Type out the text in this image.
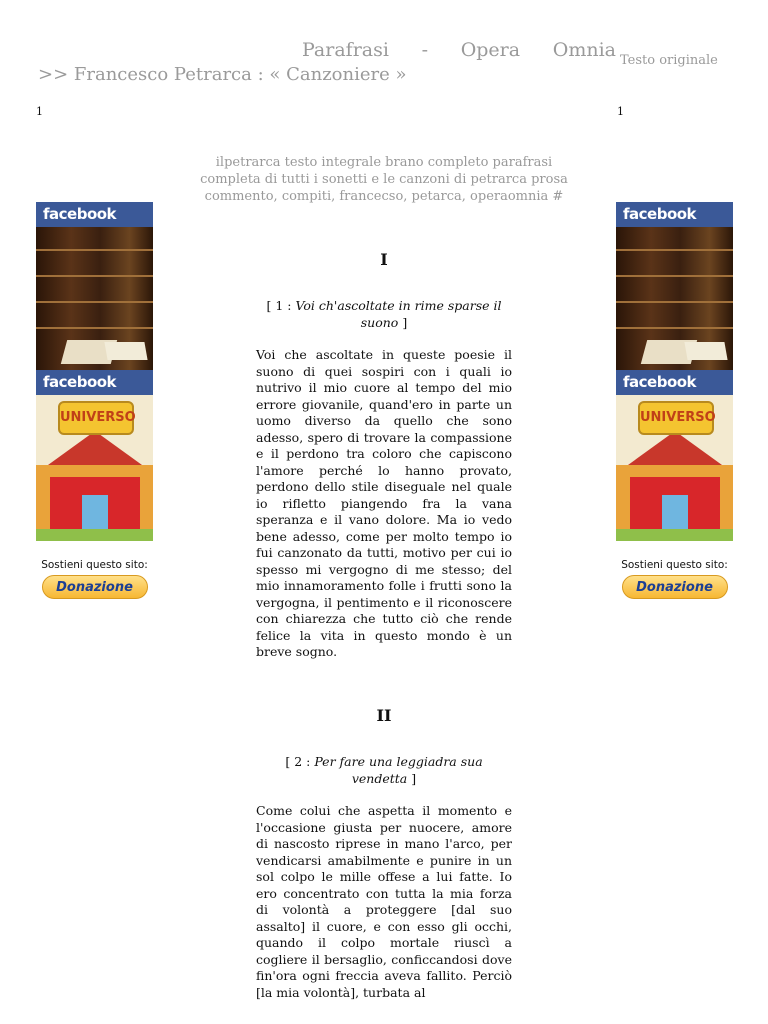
Parafrasi - Opera Omnia Testo originale
>> Francesco Petrarca : « Canzoniere »
1	1
ilpetrarca testo integrale brano completo parafrasi completa di tutti i sonetti e le canzoni di petrarca prosa commento, compiti, francecso, petarca, operaomnia #
facebook
facebook
UNIVERSO
Sostieni questo sito:
Donazione
facebook
facebook
UNIVERSO
Sostieni questo sito:
Donazione

I

[ 1 : Voi ch'ascoltate in rime sparse il suono ]

Voi che ascoltate in queste poesie il suono di quei sospiri con i quali io nutrivo il mio cuore al tempo del mio errore giovanile, quand'ero in parte un uomo diverso da quello che sono adesso, spero di trovare la compassione e il perdono tra coloro che capiscono l'amore perché lo hanno provato, perdono dello stile diseguale nel quale io rifletto piangendo fra la vana speranza e il vano dolore. Ma io vedo bene adesso, come per molto tempo io fui canzonato da tutti, motivo per cui io spesso mi vergogno di me stesso; del mio innamoramento folle i frutti sono la vergogna, il pentimento e il riconoscere con chiarezza che tutto ciò che rende felice la vita in questo mondo è un breve sogno.

II

[ 2 : Per fare una leggiadra sua vendetta ]

Come colui che aspetta il momento e l'occasione giusta per nuocere, amore di nascosto riprese in mano l'arco, per vendicarsi amabilmente e punire in un sol colpo le mille offese a lui fatte. Io ero concentrato con tutta la mia forza di volontà a proteggere [dal suo assalto] il cuore, e con esso gli occhi, quando il colpo mortale riuscì a cogliere il bersaglio, conficcandosi dove fin'ora ogni freccia aveva fallito. Perciò [la mia volontà], turbata al
